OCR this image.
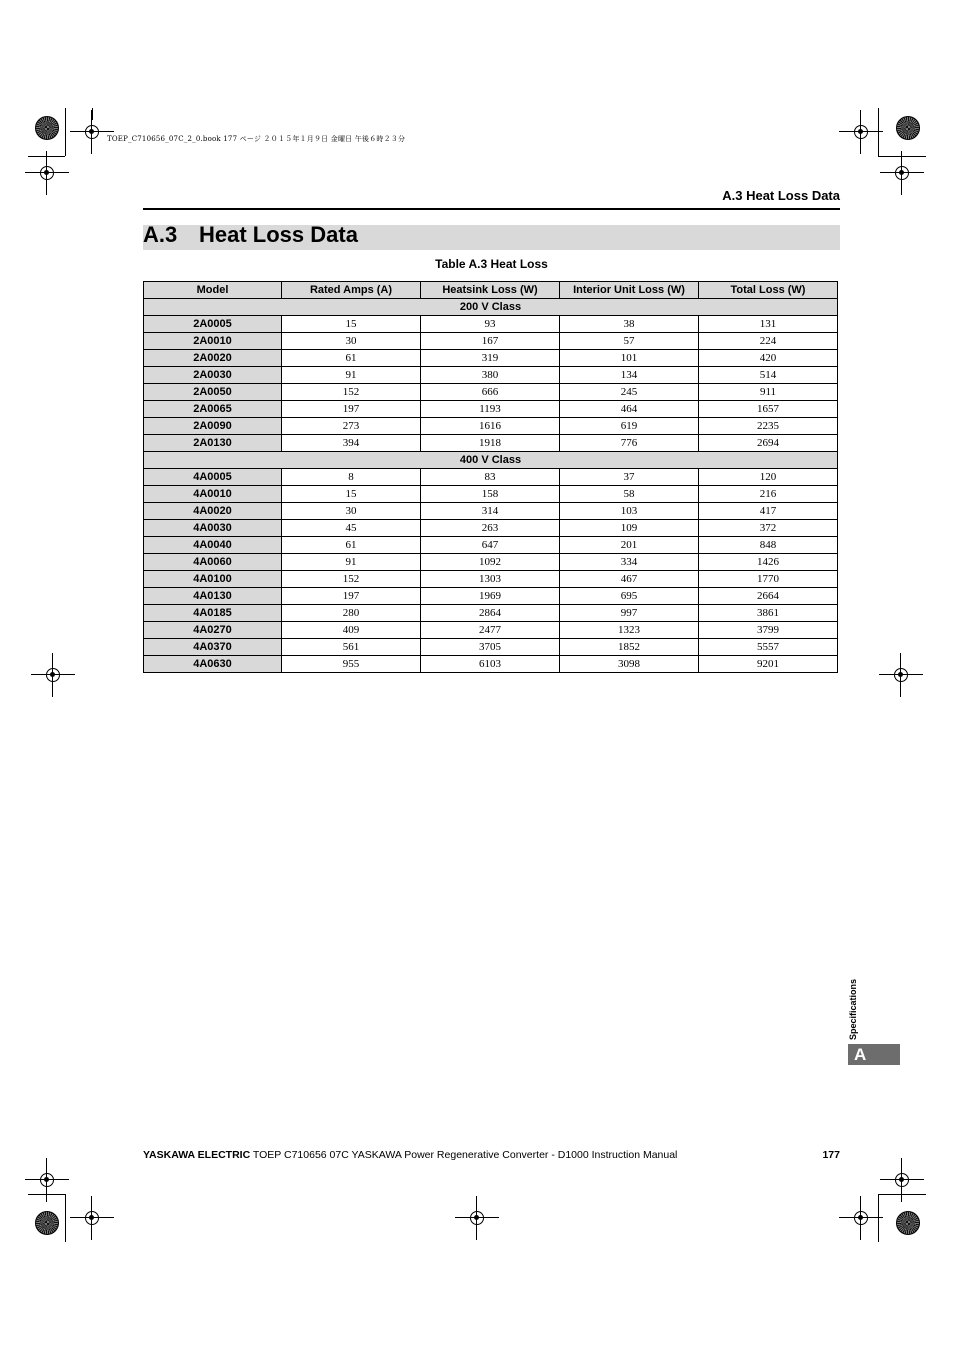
TOEP_C710656_07C_2_0.book 177 ページ ２０１５年１月９日 金曜日 午後６時２３分
A.3 Heat Loss Data
A.3 Heat Loss Data
Table A.3 Heat Loss
Model	Rated Amps (A)	Heatsink Loss (W)	Interior Unit Loss (W)	Total Loss (W)
200 V Class				
2A0005	15	93	38	131
2A0010	30	167	57	224
2A0020	61	319	101	420
2A0030	91	380	134	514
2A0050	152	666	245	911
2A0065	197	1193	464	1657
2A0090	273	1616	619	2235
2A0130	394	1918	776	2694
400 V Class				
4A0005	8	83	37	120
4A0010	15	158	58	216
4A0020	30	314	103	417
4A0030	45	263	109	372
4A0040	61	647	201	848
4A0060	91	1092	334	1426
4A0100	152	1303	467	1770
4A0130	197	1969	695	2664
4A0185	280	2864	997	3861
4A0270	409	2477	1323	3799
4A0370	561	3705	1852	5557
4A0630	955	6103	3098	9201
Specifications
A
YASKAWA ELECTRIC TOEP C710656 07C YASKAWA Power Regenerative Converter - D1000 Instruction Manual	177
